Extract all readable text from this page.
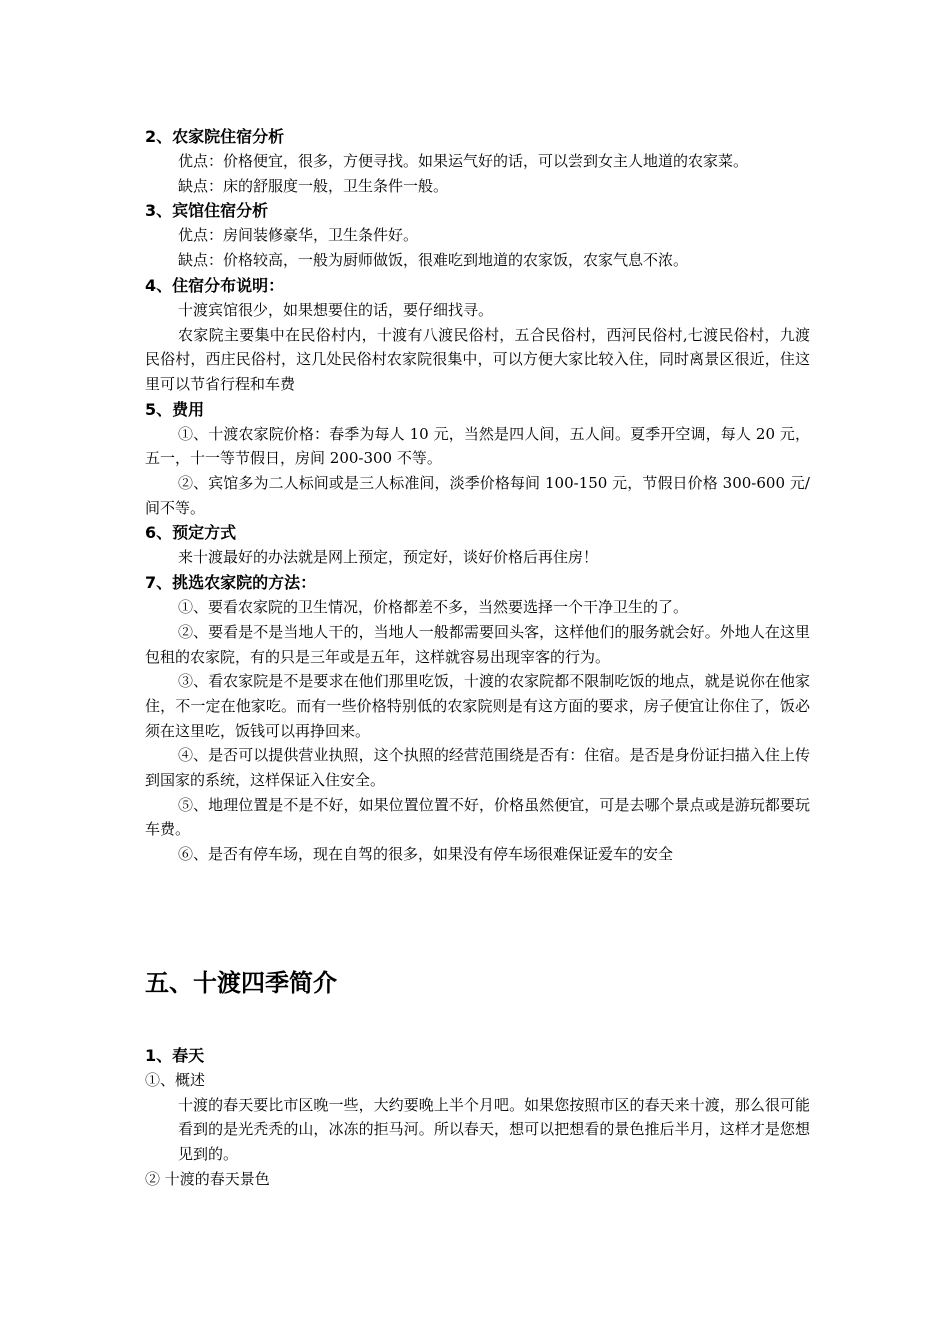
2、农家院住宿分析

优点：价格便宜，很多，方便寻找。如果运气好的话，可以尝到女主人地道的农家菜。

缺点：床的舒服度一般，卫生条件一般。

3、宾馆住宿分析

优点：房间装修豪华，卫生条件好。

缺点：价格较高，一般为厨师做饭，很难吃到地道的农家饭，农家气息不浓。

4、住宿分布说明：

十渡宾馆很少，如果想要住的话，要仔细找寻。

农家院主要集中在民俗村内，十渡有八渡民俗村，五合民俗村，西河民俗村,七渡民俗村，九渡民俗村，西庄民俗村，这几处民俗村农家院很集中，可以方便大家比较入住，同时离景区很近，住这里可以节省行程和车费

5、费用

①、十渡农家院价格：春季为每人 10 元，当然是四人间，五人间。夏季开空调，每人 20 元，五一，十一等节假日，房间 200-300 不等。

②、宾馆多为二人标间或是三人标准间，淡季价格每间 100-150 元，节假日价格 300-600 元/间不等。

6、预定方式

来十渡最好的办法就是网上预定，预定好，谈好价格后再住房！

7、挑选农家院的方法：

①、要看农家院的卫生情况，价格都差不多，当然要选择一个干净卫生的了。

②、要看是不是当地人干的，当地人一般都需要回头客，这样他们的服务就会好。外地人在这里包租的农家院，有的只是三年或是五年，这样就容易出现宰客的行为。

③、看农家院是不是要求在他们那里吃饭，十渡的农家院都不限制吃饭的地点，就是说你在他家住，不一定在他家吃。而有一些价格特别低的农家院则是有这方面的要求，房子便宜让你住了，饭必须在这里吃，饭钱可以再挣回来。

④、是否可以提供营业执照，这个执照的经营范围绕是否有：住宿。是否是身份证扫描入住上传到国家的系统，这样保证入住安全。

⑤、地理位置是不是不好，如果位置位置不好，价格虽然便宜，可是去哪个景点或是游玩都要玩车费。

⑥、是否有停车场，现在自驾的很多，如果没有停车场很难保证爱车的安全

五、十渡四季简介
1、春天

①、概述

十渡的春天要比市区晚一些，大约要晚上半个月吧。如果您按照市区的春天来十渡，那么很可能看到的是光秃秃的山，冰冻的拒马河。所以春天，想可以把想看的景色推后半月，这样才是您想见到的。

② 十渡的春天景色
